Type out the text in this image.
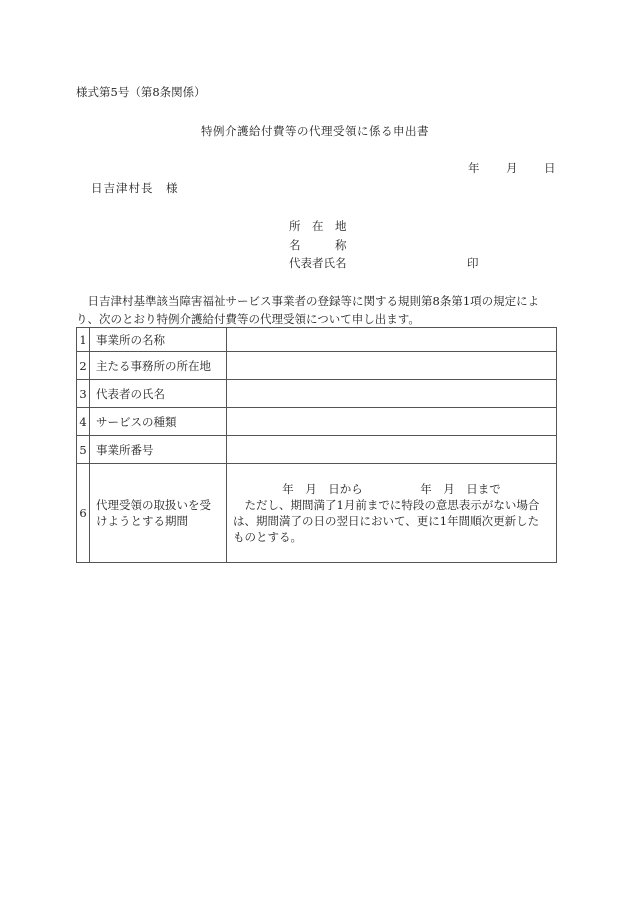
様式第5号（第8条関係）
特例介護給付費等の代理受領に係る申出書
年 月 日
日吉津村長　様
所　在　地
名　　　称
代表者氏名	印
　日吉津村基準該当障害福祉サービス事業者の登録等に関する規則第8条第1項の規定によ
り、次のとおり特例介護給付費等の代理受領について申し出ます。
1	事業所の名称	
2	主たる事務所の所在地	
3	代表者の氏名	
4	サービスの種類	
5	事業所番号	
6	代理受領の取扱いを受けようとする期間	年　月　日から　　　　　年　月　日まで
ただし、期間満了1月前までに特段の意思表示がない場合は、期間満了の日の翌日において、更に1年間順次更新したものとする。
